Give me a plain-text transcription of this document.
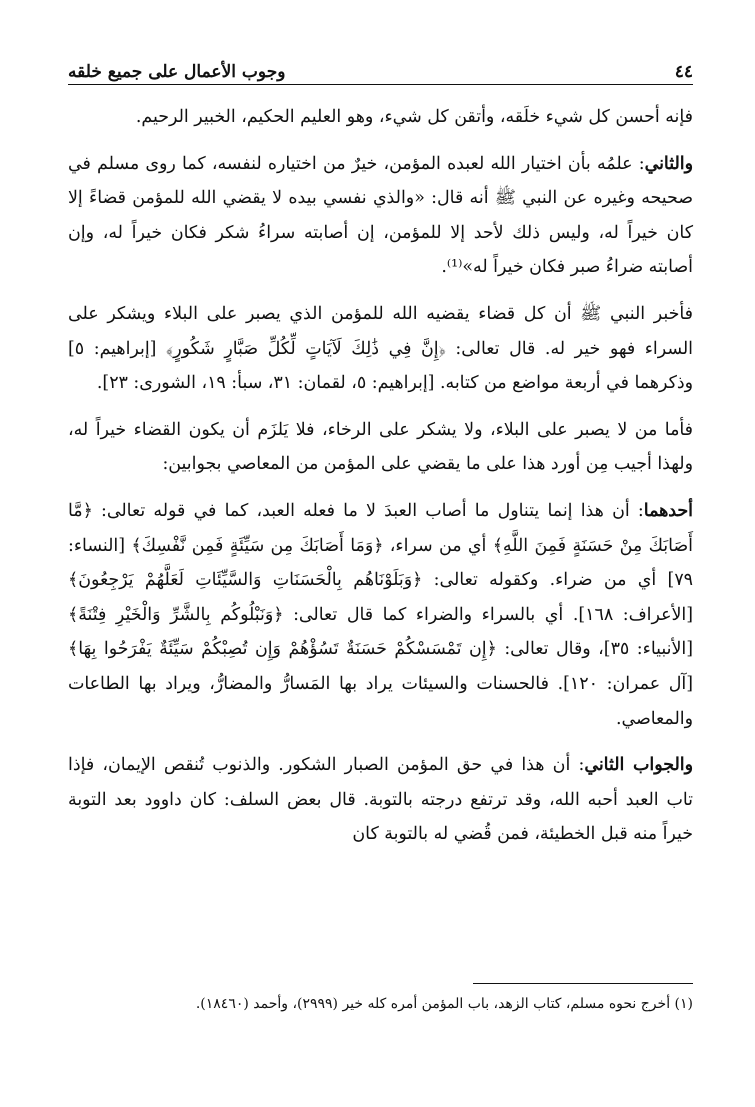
٤٤
وجوب الأعمال على جميع خلقه

فإنه أحسن كل شيء خلَقه، وأتقن كل شيء، وهو العليم الحكيم، الخبير الرحيم.

والثاني: علمُه بأن اختيار الله لعبده المؤمن، خيرٌ من اختياره لنفسه، كما روى مسلم في صحيحه وغيره عن النبي ﷺ أنه قال: «والذي نفسي بيده لا يقضي الله للمؤمن قضاءً إلا كان خيراً له، وليس ذلك لأحد إلا للمؤمن، إن أصابته سراءُ شكر فكان خيراً له، وإن أصابته ضراءُ صبر فكان خيراً له»⁽¹⁾.

فأخبر النبي ﷺ أن كل قضاء يقضيه الله للمؤمن الذي يصبر على البلاء ويشكر على السراء فهو خير له. قال تعالى: ﴿إِنَّ فِي ذَٰلِكَ لَآيَاتٍ لِّكُلِّ صَبَّارٍ شَكُورٍ﴾ [إبراهيم: ٥] وذكرهما في أربعة مواضع من كتابه. [إبراهيم: ٥، لقمان: ٣١، سبأ: ١٩، الشورى: ٢٣].

فأما من لا يصبر على البلاء، ولا يشكر على الرخاء، فلا يَلزَم أن يكون القضاء خيراً له، ولهذا أجيب مِن أورد هذا على ما يقضي على المؤمن من المعاصي بجوابين:

أحدهما: أن هذا إنما يتناول ما أصاب العبدَ لا ما فعله العبد، كما في قوله تعالى: ﴿مَّا أَصَابَكَ مِنْ حَسَنَةٍ فَمِنَ اللَّهِ﴾ أي من سراء، ﴿وَمَا أَصَابَكَ مِن سَيِّئَةٍ فَمِن نَّفْسِكَ﴾ [النساء: ٧٩] أي من ضراء. وكقوله تعالى: ﴿وَبَلَوْنَاهُم بِالْحَسَنَاتِ وَالسَّيِّئَاتِ لَعَلَّهُمْ يَرْجِعُونَ﴾ [الأعراف: ١٦٨]. أي بالسراء والضراء كما قال تعالى: ﴿وَنَبْلُوكُم بِالشَّرِّ وَالْخَيْرِ فِتْنَةً﴾ [الأنبياء: ٣٥]، وقال تعالى: ﴿إِن تَمْسَسْكُمْ حَسَنَةٌ تَسُؤْهُمْ وَإِن تُصِبْكُمْ سَيِّئَةٌ يَفْرَحُوا بِهَا﴾ [آل عمران: ١٢٠]. فالحسنات والسيئات يراد بها المَسارُّ والمضارُّ، ويراد بها الطاعات والمعاصي.

والجواب الثاني: أن هذا في حق المؤمن الصبار الشكور. والذنوب تُنقص الإيمان، فإذا تاب العبد أحبه الله، وقد ترتفع درجته بالتوبة. قال بعض السلف: كان داوود بعد التوبة خيراً منه قبل الخطيئة، فمن قُضي له بالتوبة كان

(١) أخرج نحوه مسلم، كتاب الزهد، باب المؤمن أمره كله خير (٢٩٩٩)، وأحمد (١٨٤٦٠).
